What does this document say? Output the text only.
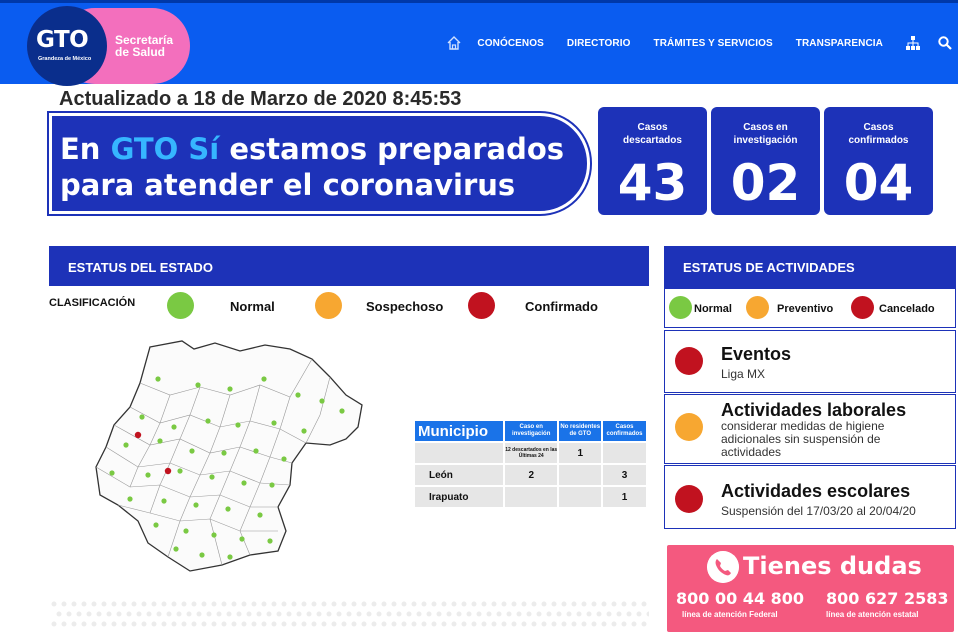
GTO
Grandeza de México
Secretaría
de Salud
CONÓCENOS DIRECTORIO TRÁMITES Y SERVICIOS TRANSPARENCIA
Actualizado a 18 de Marzo de 2020 8:45:53
En GTO Sí estamos preparados
para atender el coronavirus
Casos descartados
43
Casos en investigación
02
Casos confirmados
04
ESTATUS DEL ESTADO
CLASIFICACIÓN	Normal	Sospechoso	Confirmado
Municipio	Caso en investigación	No residentes de GTO	Casos confirmados
	12 descartados en las Últimas 24	1	
León	2		3
Irapuato			1
ESTATUS DE ACTIVIDADES
Normal	Preventivo	Cancelado
Eventos
Liga MX
Actividades laborales
considerar medidas de higiene adicionales sin suspensión de actividades
Actividades escolares
Suspensión del 17/03/20 al 20/04/20
Tienes dudas
800 00 44 800
línea de atención Federal
800 627 2583
línea de atención estatal
